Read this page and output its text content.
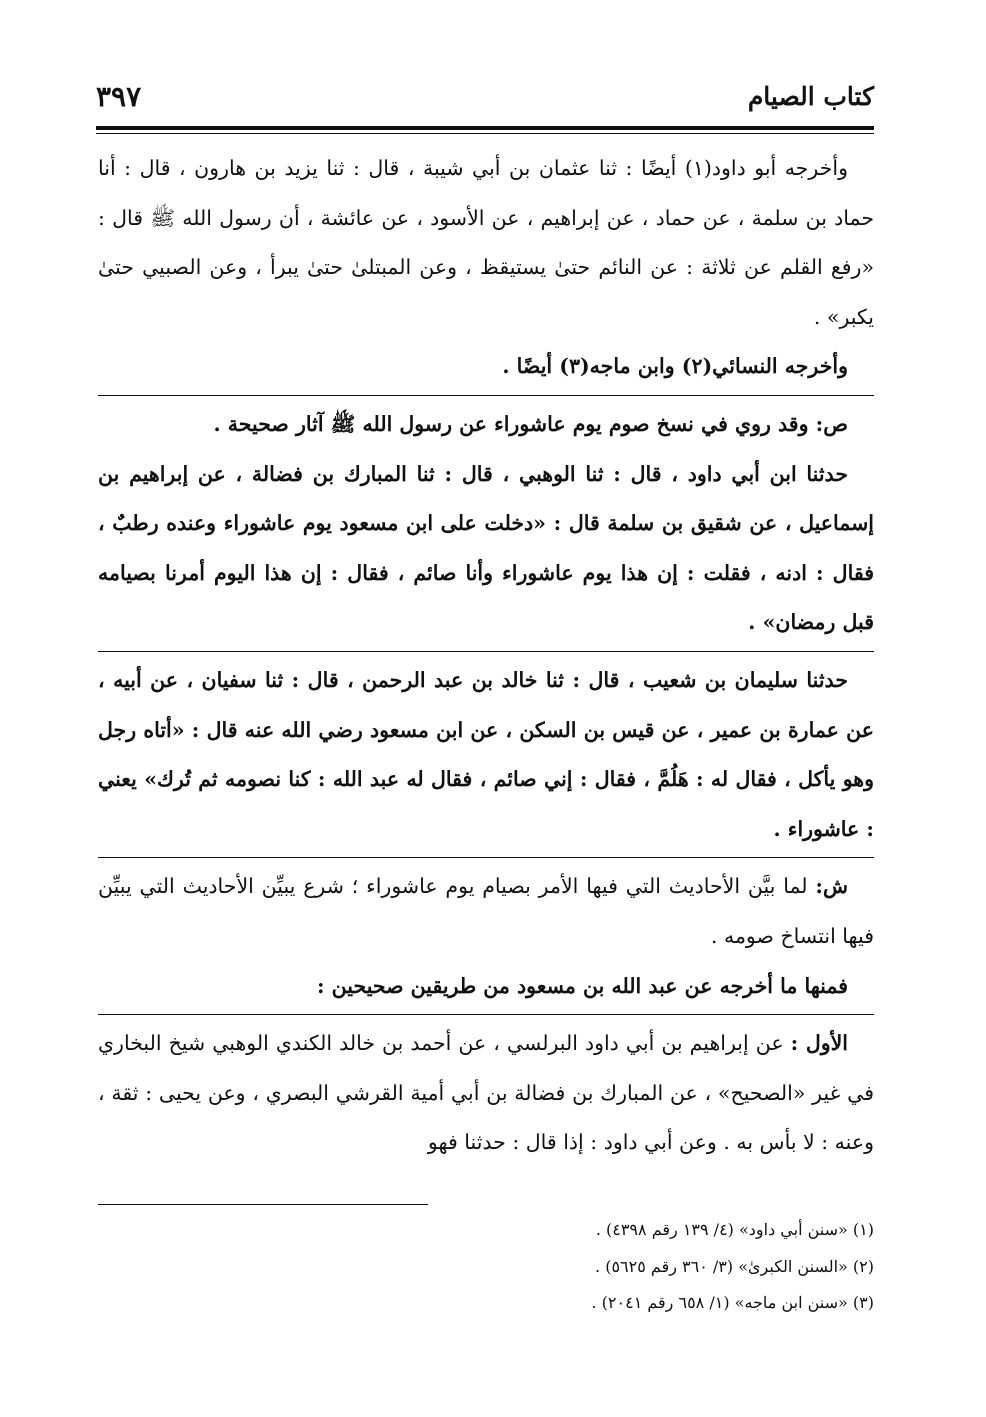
كتاب الصيام
٣٩٧

وأخرجه أبو داود(١) أيضًا : ثنا عثمان بن أبي شيبة ، قال : ثنا يزيد بن هارون ، قال : أنا حماد بن سلمة ، عن حماد ، عن إبراهيم ، عن الأسود ، عن عائشة ، أن رسول الله ﷺ قال : «رفع القلم عن ثلاثة : عن النائم حتىٰ يستيقظ ، وعن المبتلىٰ حتىٰ يبرأ ، وعن الصبيي حتىٰ يكبر» .

وأخرجه النسائي(٢) وابن ماجه(٣) أيضًا .

ص: وقد روي في نسخ صوم يوم عاشوراء عن رسول الله ﷺ آثار صحيحة .

حدثنا ابن أبي داود ، قال : ثنا الوهبي ، قال : ثنا المبارك بن فضالة ، عن إبراهيم بن إسماعيل ، عن شقيق بن سلمة قال : «دخلت على ابن مسعود يوم عاشوراء وعنده رطبٌ ، فقال : ادنه ، فقلت : إن هذا يوم عاشوراء وأنا صائم ، فقال : إن هذا اليوم أمرنا بصيامه قبل رمضان» .

حدثنا سليمان بن شعيب ، قال : ثنا خالد بن عبد الرحمن ، قال : ثنا سفيان ، عن أبيه ، عن عمارة بن عمير ، عن قيس بن السكن ، عن ابن مسعود رضي الله عنه قال : «أتاه رجل وهو يأكل ، فقال له : هَلُمَّ ، فقال : إني صائم ، فقال له عبد الله : كنا نصومه ثم تُرك» يعني : عاشوراء .

ش: لما بيَّن الأحاديث التي فيها الأمر بصيام يوم عاشوراء ؛ شرع يبيِّن الأحاديث التي يبيِّن فيها انتساخ صومه .

فمنها ما أخرجه عن عبد الله بن مسعود من طريقين صحيحين :

الأول : عن إبراهيم بن أبي داود البرلسي ، عن أحمد بن خالد الكندي الوهبي شيخ البخاري في غير «الصحيح» ، عن المبارك بن فضالة بن أبي أمية القرشي البصري ، وعن يحيى : ثقة ، وعنه : لا بأس به . وعن أبي داود : إذا قال : حدثنا فهو

(١) «سنن أبي داود» (٤/ ١٣٩ رقم ٤٣٩٨) .
(٢) «السنن الكبرىٰ» (٣/ ٣٦٠ رقم ٥٦٢٥) .
(٣) «سنن ابن ماجه» (١/ ٦٥٨ رقم ٢٠٤١) .
